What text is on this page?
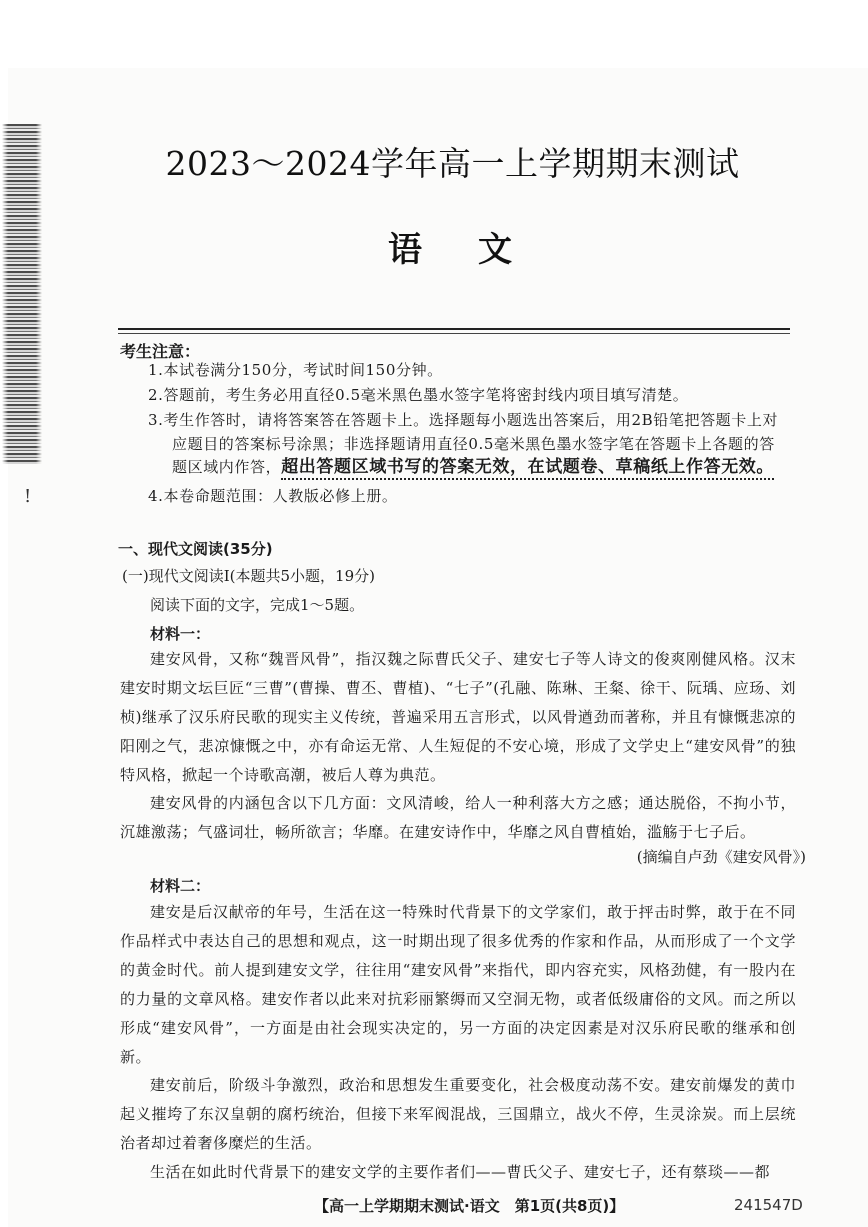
!
2023～2024学年高一上学期期末测试
语文
考生注意：
1.本试卷满分150分，考试时间150分钟。
2.答题前，考生务必用直径0.5毫米黑色墨水签字笔将密封线内项目填写清楚。
3.考生作答时，请将答案答在答题卡上。选择题每小题选出答案后，用2B铅笔把答题卡上对
应题目的答案标号涂黑；非选择题请用直径0.5毫米黑色墨水签字笔在答题卡上各题的答
题区域内作答，超出答题区域书写的答案无效，在试题卷、草稿纸上作答无效。
4.本卷命题范围：人教版必修上册。
一、现代文阅读(35分)
(一)现代文阅读Ⅰ(本题共5小题，19分)
阅读下面的文字，完成1～5题。
材料一：
建安风骨，又称“魏晋风骨”，指汉魏之际曹氏父子、建安七子等人诗文的俊爽刚健风格。汉末建安时期文坛巨匠“三曹”(曹操、曹丕、曹植)、“七子”(孔融、陈琳、王粲、徐干、阮瑀、应玚、刘桢)继承了汉乐府民歌的现实主义传统，普遍采用五言形式，以风骨遒劲而著称，并且有慷慨悲凉的阳刚之气，悲凉慷慨之中，亦有命运无常、人生短促的不安心境，形成了文学史上“建安风骨”的独特风格，掀起一个诗歌高潮，被后人尊为典范。
建安风骨的内涵包含以下几方面：文风清峻，给人一种利落大方之感；通达脱俗，不拘小节，沉雄激荡；气盛词壮，畅所欲言；华靡。在建安诗作中，华靡之风自曹植始，滥觞于七子后。
(摘编自卢劲《建安风骨》)
材料二：
建安是后汉献帝的年号，生活在这一特殊时代背景下的文学家们，敢于抨击时弊，敢于在不同作品样式中表达自己的思想和观点，这一时期出现了很多优秀的作家和作品，从而形成了一个文学的黄金时代。前人提到建安文学，往往用“建安风骨”来指代，即内容充实，风格劲健，有一股内在的力量的文章风格。建安作者以此来对抗彩丽繁缛而又空洞无物，或者低级庸俗的文风。而之所以形成“建安风骨”，一方面是由社会现实决定的，另一方面的决定因素是对汉乐府民歌的继承和创新。
建安前后，阶级斗争激烈，政治和思想发生重要变化，社会极度动荡不安。建安前爆发的黄巾起义摧垮了东汉皇朝的腐朽统治，但接下来军阀混战，三国鼎立，战火不停，生灵涂炭。而上层统治者却过着奢侈糜烂的生活。
生活在如此时代背景下的建安文学的主要作者们——曹氏父子、建安七子，还有蔡琰——都
【高一上学期期末测试·语文　第1页(共8页)】	241547D
